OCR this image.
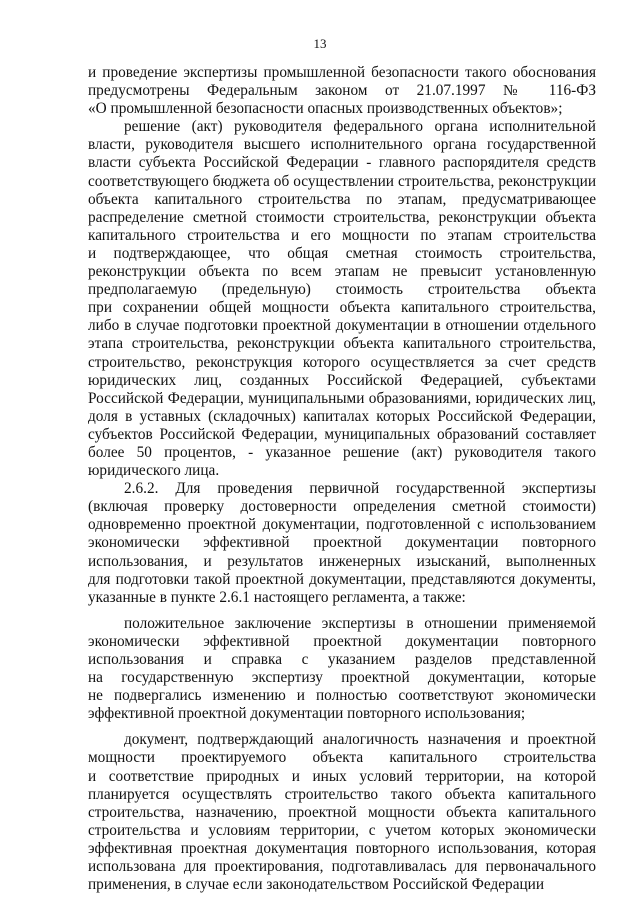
13
и проведение экспертизы промышленной безопасности такого обоснования
предусмотрены Федеральным законом от 21.07.1997 № 116-ФЗ
«О промышленной безопасности опасных производственных объектов»;
решение (акт) руководителя федерального органа исполнительной
власти, руководителя высшего исполнительного органа государственной
власти субъекта Российской Федерации - главного распорядителя средств
соответствующего бюджета об осуществлении строительства, реконструкции
объекта капитального строительства по этапам, предусматривающее
распределение сметной стоимости строительства, реконструкции объекта
капитального строительства и его мощности по этапам строительства
и подтверждающее, что общая сметная стоимость строительства,
реконструкции объекта по всем этапам не превысит установленную
предполагаемую (предельную) стоимость строительства объекта
при сохранении общей мощности объекта капитального строительства,
либо в случае подготовки проектной документации в отношении отдельного
этапа строительства, реконструкции объекта капитального строительства,
строительство, реконструкция которого осуществляется за счет средств
юридических лиц, созданных Российской Федерацией, субъектами
Российской Федерации, муниципальными образованиями, юридических лиц,
доля в уставных (складочных) капиталах которых Российской Федерации,
субъектов Российской Федерации, муниципальных образований составляет
более 50 процентов, - указанное решение (акт) руководителя такого
юридического лица.
2.6.2. Для проведения первичной государственной экспертизы
(включая проверку достоверности определения сметной стоимости)
одновременно проектной документации, подготовленной с использованием
экономически эффективной проектной документации повторного
использования, и результатов инженерных изысканий, выполненных
для подготовки такой проектной документации, представляются документы,
указанные в пункте 2.6.1 настоящего регламента, а также:
положительное заключение экспертизы в отношении применяемой
экономически эффективной проектной документации повторного
использования и справка с указанием разделов представленной
на государственную экспертизу проектной документации, которые
не подвергались изменению и полностью соответствуют экономически
эффективной проектной документации повторного использования;
документ, подтверждающий аналогичность назначения и проектной
мощности проектируемого объекта капитального строительства
и соответствие природных и иных условий территории, на которой
планируется осуществлять строительство такого объекта капитального
строительства, назначению, проектной мощности объекта капитального
строительства и условиям территории, с учетом которых экономически
эффективная проектная документация повторного использования, которая
использована для проектирования, подготавливалась для первоначального
применения, в случае если законодательством Российской Федерации
